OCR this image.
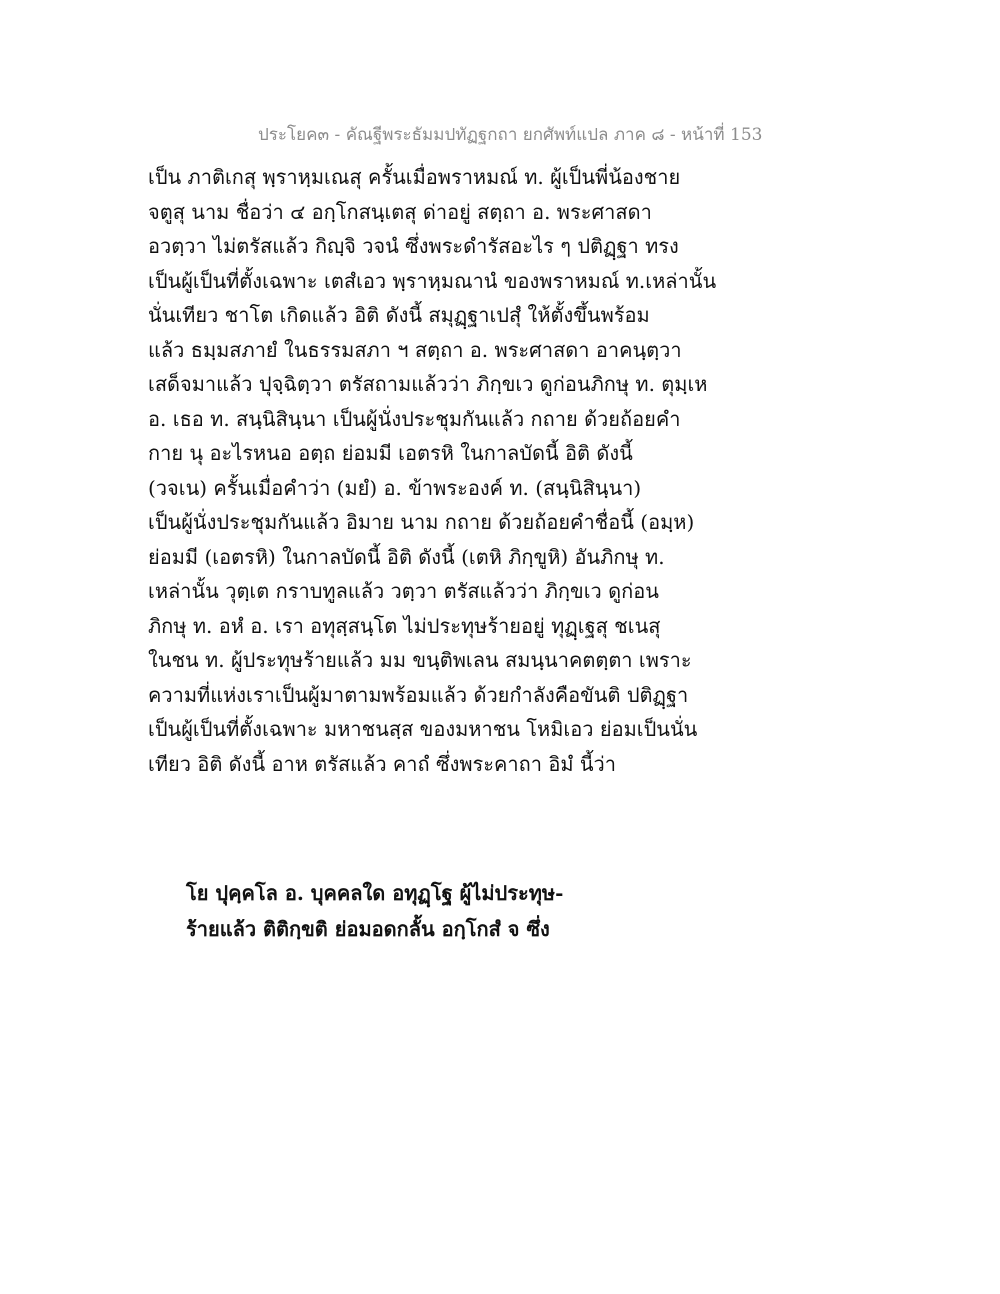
ประโยค๓ - คัณฐีพระธัมมปทัฏฐกถา ยกศัพท์แปล ภาค ๘ - หน้าที่ 153
เป็น ภาติเกสุ พฺราหฺมเณสุ ครั้นเมื่อพราหมณ์ ท. ผู้เป็นพี่น้องชาย
จตูสุ นาม ชื่อว่า ๔ อกฺโกสนฺเตสุ ด่าอยู่ สตฺถา อ. พระศาสดา
อวตฺวา ไม่ตรัสแล้ว กิญฺจิ วจนํ ซึ่งพระดำรัสอะไร ๆ ปติฏฺฐา ทรง
เป็นผู้เป็นที่ตั้งเฉพาะ เตสํเอว พฺราหฺมณานํ ของพราหมณ์ ท.เหล่านั้น
นั่นเทียว ชาโต เกิดแล้ว อิติ ดังนี้ สมุฏฺฐาเปสุํ ให้ตั้งขึ้นพร้อม
แล้ว ธมฺมสภายํ ในธรรมสภา ฯ สตฺถา อ. พระศาสดา อาคนฺตฺวา
เสด็จมาแล้ว ปุจฺฉิตฺวา ตรัสถามแล้วว่า ภิกฺขเว ดูก่อนภิกษุ ท. ตุมฺเห
อ. เธอ ท. สนฺนิสินฺนา เป็นผู้นั่งประชุมกันแล้ว กถาย ด้วยถ้อยคำ
กาย นุ อะไรหนอ อตฺถ ย่อมมี เอตรหิ ในกาลบัดนี้ อิติ ดังนี้
(วจเน) ครั้นเมื่อคำว่า (มยํ) อ. ข้าพระองค์ ท. (สนฺนิสินฺนา)
เป็นผู้นั่งประชุมกันแล้ว อิมาย นาม กถาย ด้วยถ้อยคำชื่อนี้ (อมฺห)
ย่อมมี (เอตรหิ) ในกาลบัดนี้ อิติ ดังนี้ (เตหิ ภิกฺขูหิ) อันภิกษุ ท.
เหล่านั้น วุตฺเต กราบทูลแล้ว วตฺวา ตรัสแล้วว่า ภิกฺขเว ดูก่อน
ภิกษุ ท. อหํ อ. เรา อทุสฺสนฺโต ไม่ประทุษร้ายอยู่ ทุฏฺเฐสุ ชเนสุ
ในชน ท. ผู้ประทุษร้ายแล้ว มม ขนฺติพเลน สมนฺนาคตตฺตา เพราะ
ความที่แห่งเราเป็นผู้มาตามพร้อมแล้ว ด้วยกำลังคือขันติ ปติฏฺฐา
เป็นผู้เป็นที่ตั้งเฉพาะ มหาชนสฺส ของมหาชน โหมิเอว ย่อมเป็นนั่น
เทียว อิติ ดังนี้ อาห ตรัสแล้ว คาถํ ซึ่งพระคาถา อิมํ นี้ว่า
โย ปุคฺคโล อ. บุคคลใด อทุฏฺโฐ ผู้ไม่ประทุษ-
ร้ายแล้ว ติติกฺขติ ย่อมอดกลั้น อกฺโกสํ จ ซึ่ง
